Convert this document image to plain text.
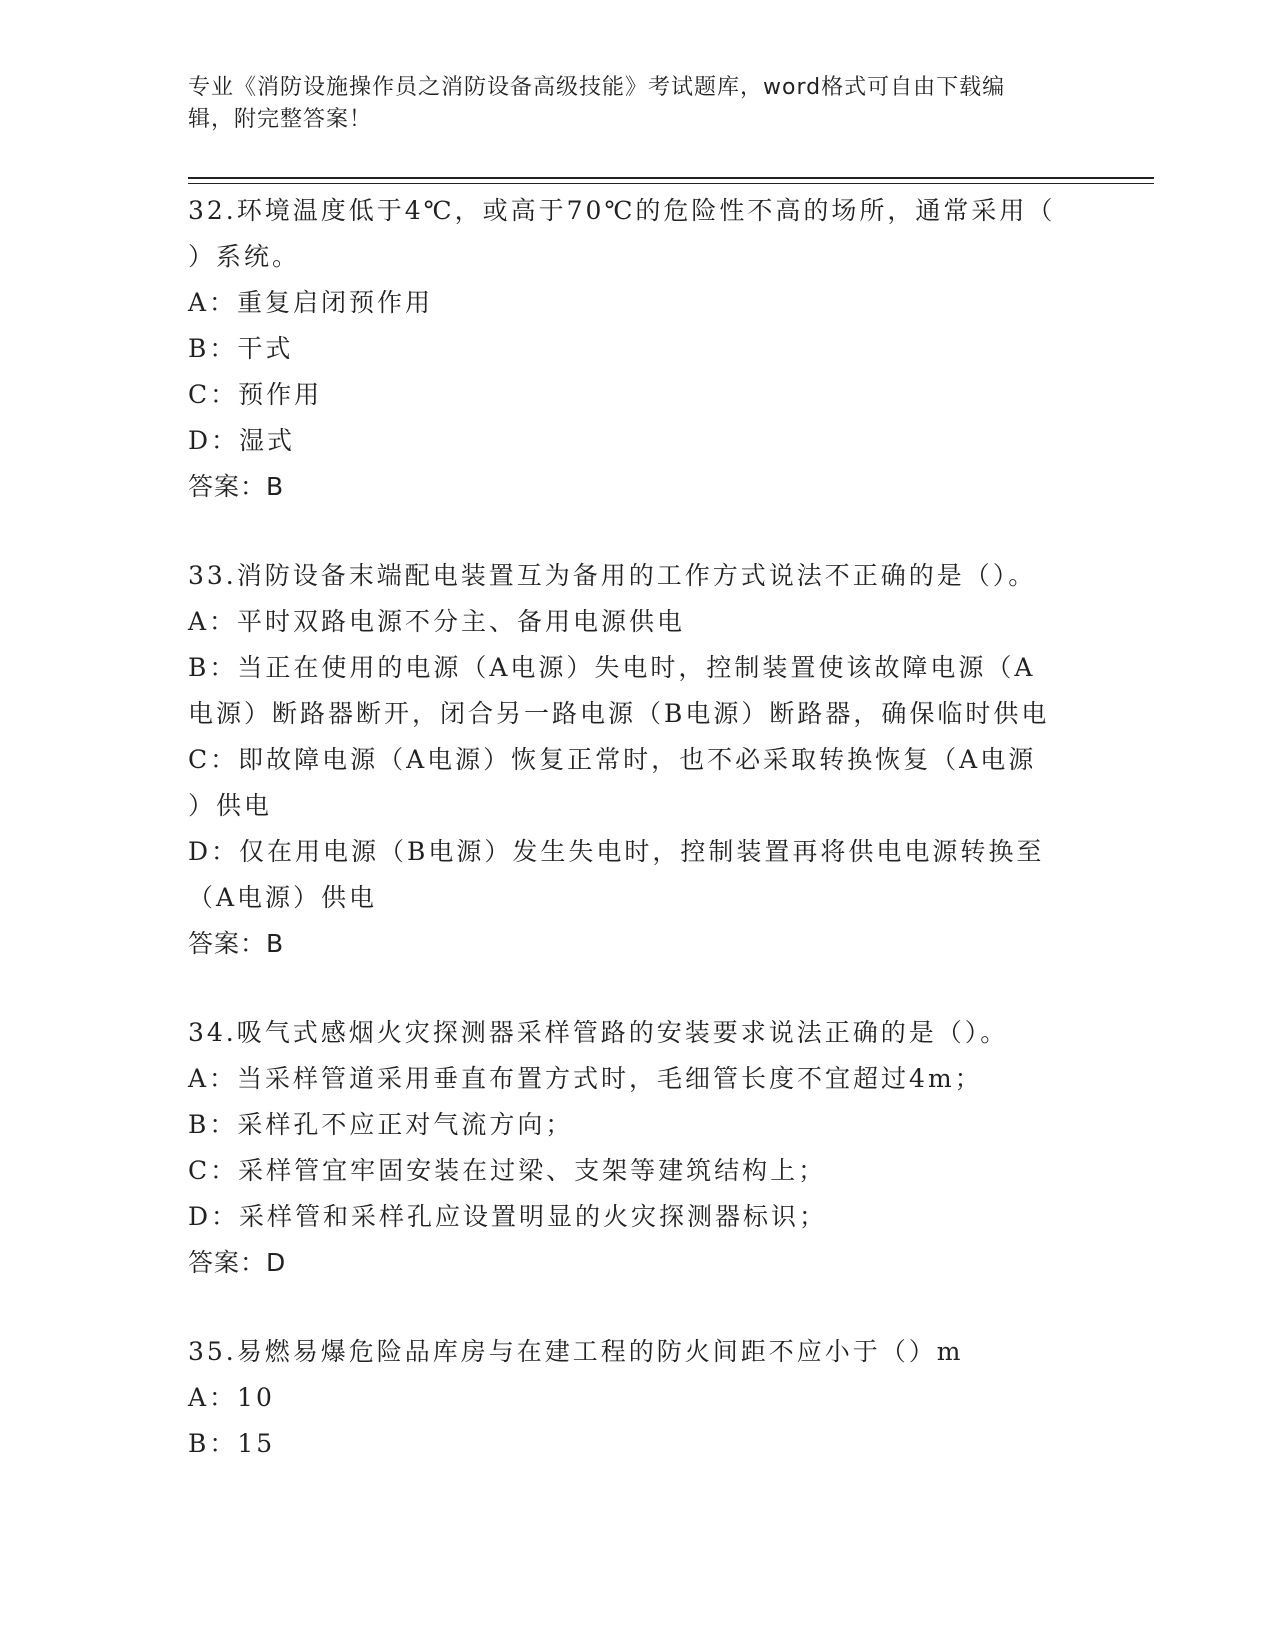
专业《消防设施操作员之消防设备高级技能》考试题库，word格式可自由下载编
辑，附完整答案！
32.环境温度低于4℃，或高于70℃的危险性不高的场所，通常采用（
）系统。
A：重复启闭预作用
B：干式
C：预作用
D：湿式
答案：B
33.消防设备末端配电装置互为备用的工作方式说法不正确的是（）。
A：平时双路电源不分主、备用电源供电
B：当正在使用的电源（A电源）失电时，控制装置使该故障电源（A
电源）断路器断开，闭合另一路电源（B电源）断路器，确保临时供电
C：即故障电源（A电源）恢复正常时，也不必采取转换恢复（A电源
）供电
D：仅在用电源（B电源）发生失电时，控制装置再将供电电源转换至
（A电源）供电
答案：B
34.吸气式感烟火灾探测器采样管路的安装要求说法正确的是（）。
A：当采样管道采用垂直布置方式时，毛细管长度不宜超过4m；
B：采样孔不应正对气流方向；
C：采样管宜牢固安装在过梁、支架等建筑结构上；
D：采样管和采样孔应设置明显的火灾探测器标识；
答案：D
35.易燃易爆危险品库房与在建工程的防火间距不应小于（）m
A：10
B：15
